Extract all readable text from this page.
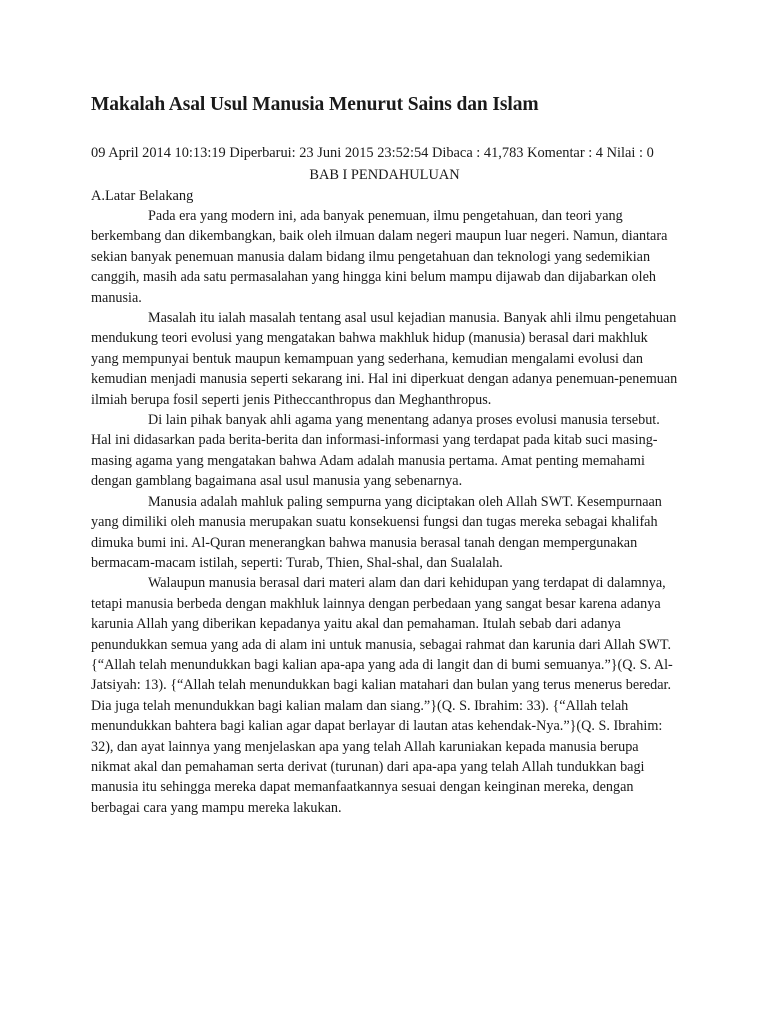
Makalah Asal Usul Manusia Menurut Sains dan Islam
09 April 2014 10:13:19 Diperbarui: 23 Juni 2015 23:52:54 Dibaca : 41,783 Komentar : 4 Nilai : 0
BAB I PENDAHULUAN
A.Latar Belakang

Pada era yang modern ini, ada banyak penemuan, ilmu pengetahuan, dan teori yang berkembang dan dikembangkan, baik oleh ilmuan dalam negeri maupun luar negeri. Namun, diantara sekian banyak penemuan manusia dalam bidang ilmu pengetahuan dan teknologi yang sedemikian canggih, masih ada satu permasalahan yang hingga kini belum mampu dijawab dan dijabarkan oleh manusia.

Masalah itu ialah masalah tentang asal usul kejadian manusia. Banyak ahli ilmu pengetahuan mendukung teori evolusi yang mengatakan bahwa makhluk hidup (manusia) berasal dari makhluk yang mempunyai bentuk maupun kemampuan yang sederhana, kemudian mengalami evolusi dan kemudian menjadi manusia seperti sekarang ini. Hal ini diperkuat dengan adanya penemuan-penemuan ilmiah berupa fosil seperti jenis Pitheccanthropus dan Meghanthropus.

Di lain pihak banyak ahli agama yang menentang adanya proses evolusi manusia tersebut. Hal ini didasarkan pada berita-berita dan informasi-informasi yang terdapat pada kitab suci masing-masing agama yang mengatakan bahwa Adam adalah manusia pertama. Amat penting memahami dengan gamblang bagaimana asal usul manusia yang sebenarnya.

Manusia adalah mahluk paling sempurna yang diciptakan oleh Allah SWT. Kesempurnaan yang dimiliki oleh manusia merupakan suatu konsekuensi fungsi dan tugas mereka sebagai khalifah dimuka bumi ini. Al-Quran menerangkan bahwa manusia berasal tanah dengan mempergunakan bermacam-macam istilah, seperti: Turab, Thien, Shal-shal, dan Sualalah.

Walaupun manusia berasal dari materi alam dan dari kehidupan yang terdapat di dalamnya, tetapi manusia berbeda dengan makhluk lainnya dengan perbedaan yang sangat besar karena adanya karunia Allah yang diberikan kepadanya yaitu akal dan pemahaman. Itulah sebab dari adanya penundukkan semua yang ada di alam ini untuk manusia, sebagai rahmat dan karunia dari Allah SWT. {“Allah telah menundukkan bagi kalian apa-apa yang ada di langit dan di bumi semuanya.”}(Q. S. Al-Jatsiyah: 13). {“Allah telah menundukkan bagi kalian matahari dan bulan yang terus menerus beredar. Dia juga telah menundukkan bagi kalian malam dan siang.”}(Q. S. Ibrahim: 33). {“Allah telah menundukkan bahtera bagi kalian agar dapat berlayar di lautan atas kehendak-Nya.”}(Q. S. Ibrahim: 32), dan ayat lainnya yang menjelaskan apa yang telah Allah karuniakan kepada manusia berupa nikmat akal dan pemahaman serta derivat (turunan) dari apa-apa yang telah Allah tundukkan bagi manusia itu sehingga mereka dapat memanfaatkannya sesuai dengan keinginan mereka, dengan berbagai cara yang mampu mereka lakukan.
